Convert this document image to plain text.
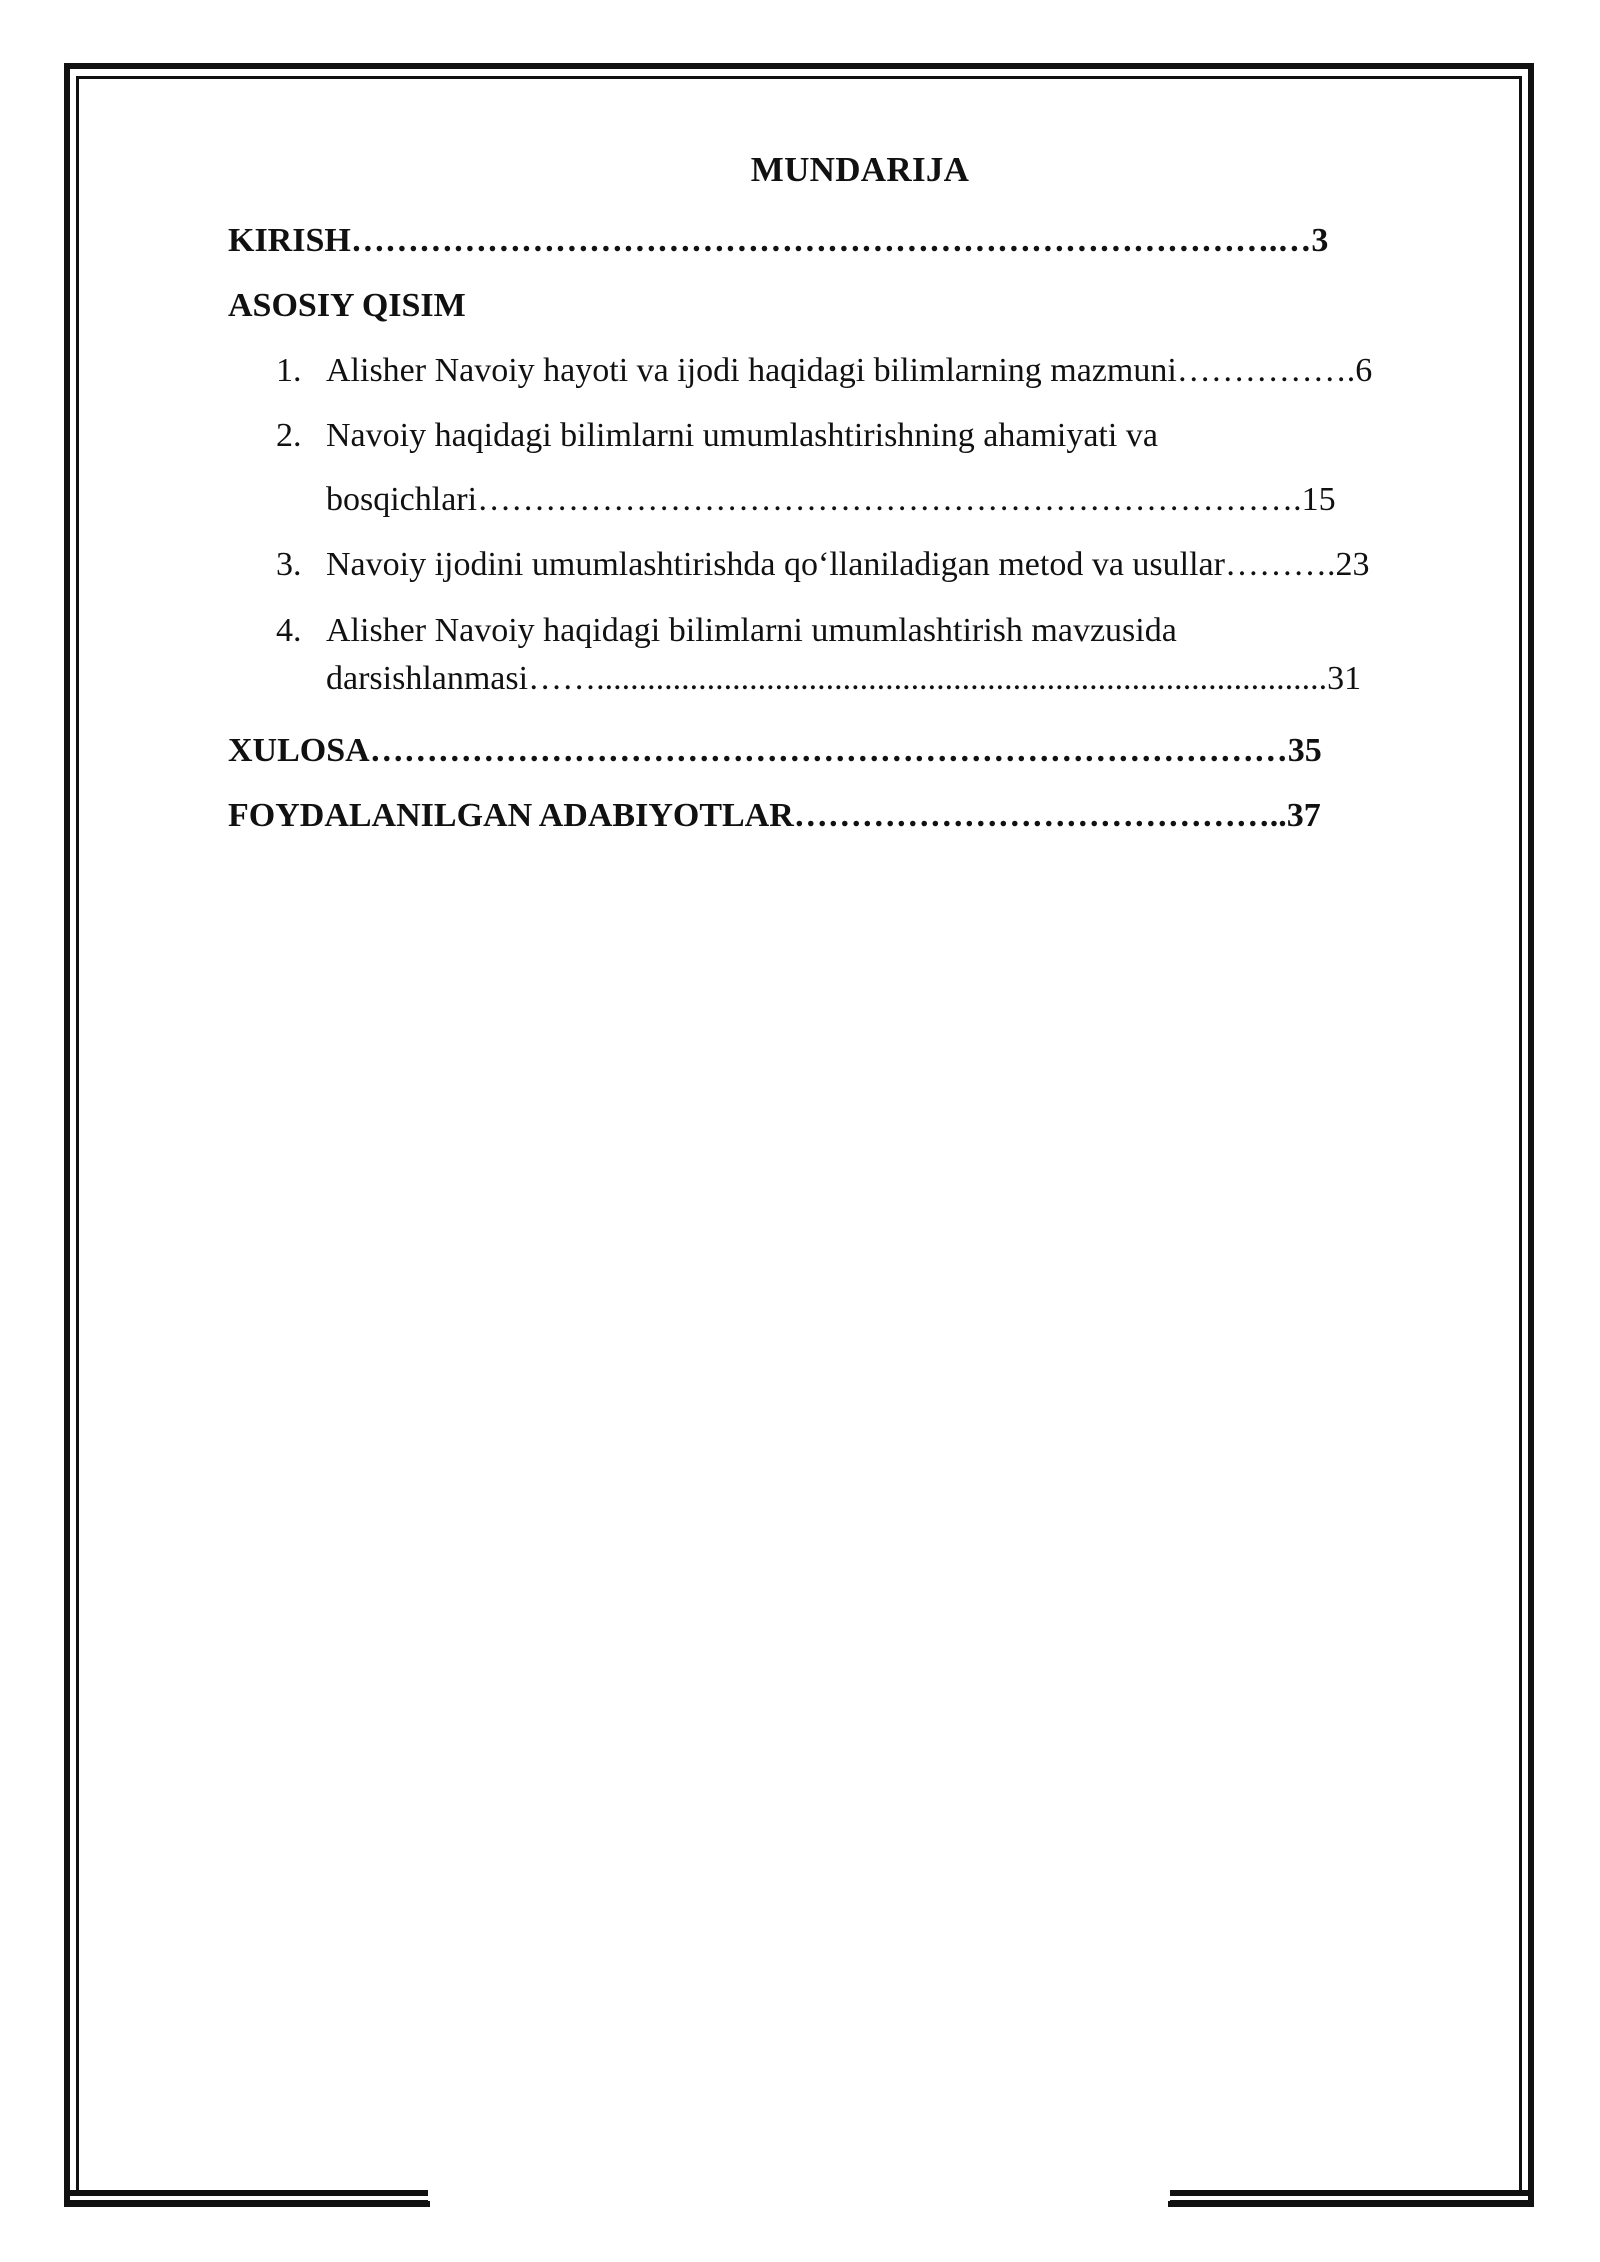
MUNDARIJA
KIRISH……………………………………………………………………….…3
ASOSIY QISIM
1. Alisher Navoiy hayoti va ijodi haqidagi bilimlarning mazmuni…………….6
2. Navoiy haqidagi bilimlarni umumlashtirishning ahamiyati va
bosqichlari……………………………………………………………….15
3. Navoiy ijodini umumlashtirishda qo‘llaniladigan metod va usullar……….23
4. Alisher Navoiy haqidagi bilimlarni umumlashtirish mavzusida
darsishlanmasi……......................................................................................31
XULOSA………………………………………………………………………35
FOYDALANILGAN ADABIYOTLAR……………………………………..37
